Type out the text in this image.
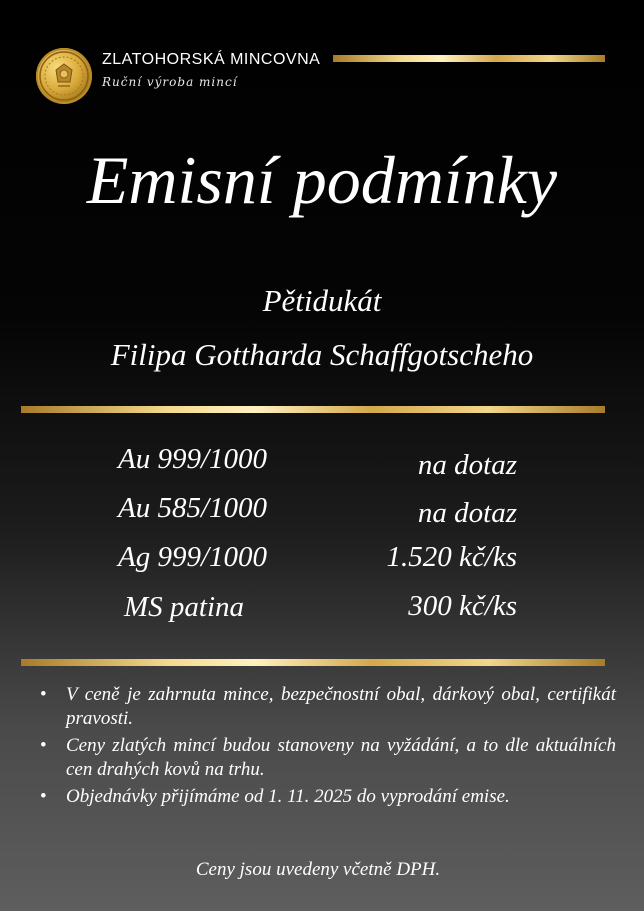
ZLATOHORSKÁ MINCOVNA
Ruční výroba mincí
Emisní podmínky
Pětidukát
Filipa Gottharda Schaffgotscheho
Au 999/1000	na dotaz
Au 585/1000	na dotaz
Ag 999/1000	1.520 kč/ks
MS patina	300 kč/ks
• V ceně je zahrnuta mince, bezpečnostní obal, dárkový obal, certifikát pravosti.
• Ceny zlatých mincí budou stanoveny na vyžádání, a to dle aktuálních cen drahých kovů na trhu.
• Objednávky přijímáme od 1. 11. 2025 do vyprodání emise.
Ceny jsou uvedeny včetně DPH.
